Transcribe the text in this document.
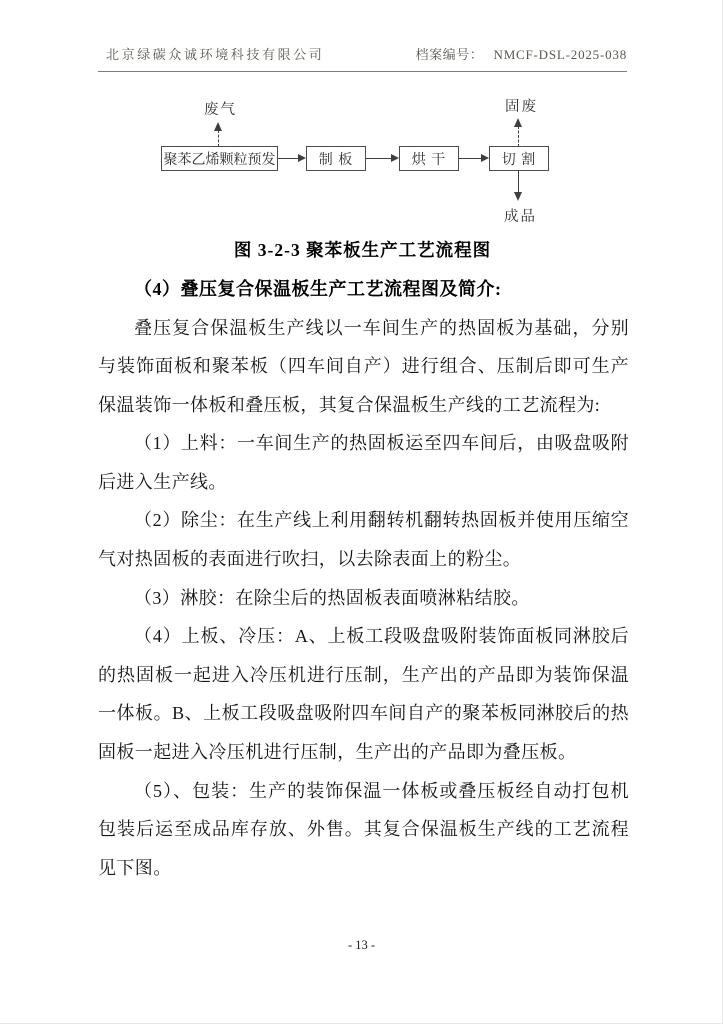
北京绿碳众诚环境科技有限公司	档案编号： NMCF-DSL-2025-038
废气	固废
聚苯乙烯颗粒预发	制 板	烘 干	切 割
成品
图 3-2-3 聚苯板生产工艺流程图

（4）叠压复合保温板生产工艺流程图及简介:

叠压复合保温板生产线以一车间生产的热固板为基础，分别与装饰面板和聚苯板（四车间自产）进行组合、压制后即可生产保温装饰一体板和叠压板，其复合保温板生产线的工艺流程为:

（1）上料：一车间生产的热固板运至四车间后，由吸盘吸附后进入生产线。

（2）除尘：在生产线上利用翻转机翻转热固板并使用压缩空气对热固板的表面进行吹扫，以去除表面上的粉尘。

（3）淋胶：在除尘后的热固板表面喷淋粘结胶。

（4）上板、冷压：A、上板工段吸盘吸附装饰面板同淋胶后的热固板一起进入冷压机进行压制，生产出的产品即为装饰保温一体板。B、上板工段吸盘吸附四车间自产的聚苯板同淋胶后的热固板一起进入冷压机进行压制，生产出的产品即为叠压板。

（5）、包装：生产的装饰保温一体板或叠压板经自动打包机包装后运至成品库存放、外售。其复合保温板生产线的工艺流程见下图。

- 13 -
